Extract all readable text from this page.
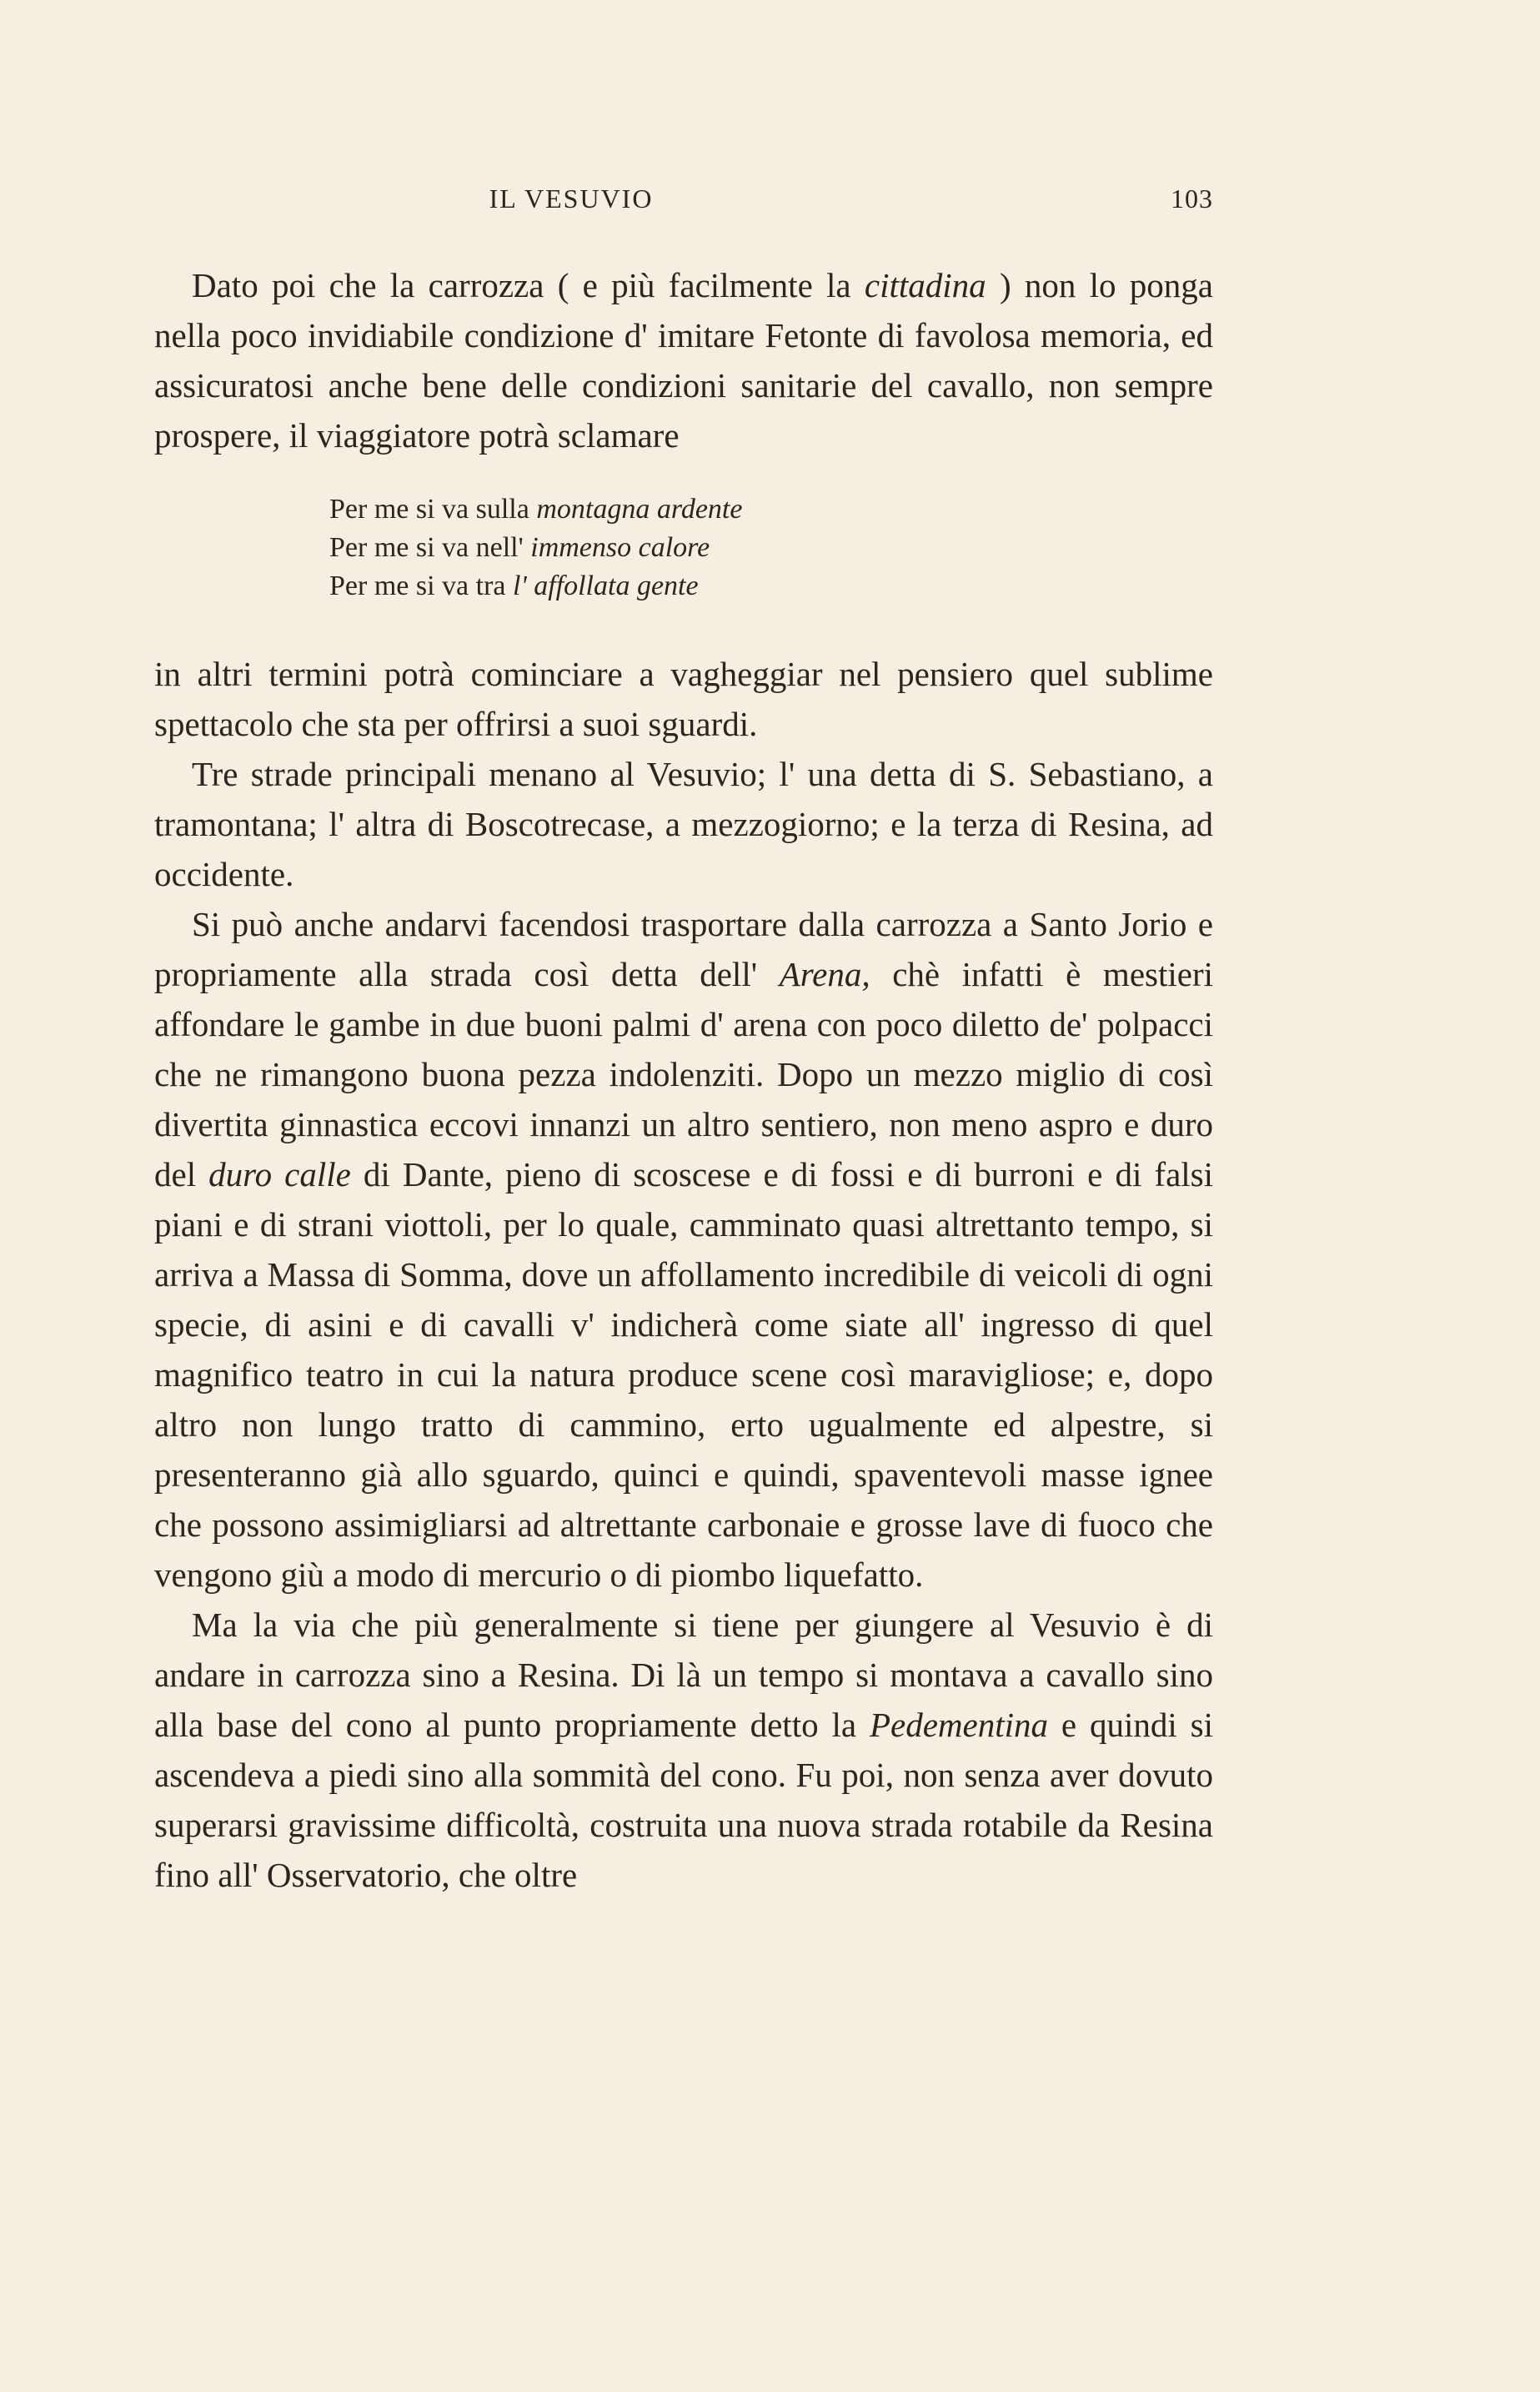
IL VESUVIO	103

Dato poi che la carrozza ( e più facilmente la cittadina ) non lo ponga nella poco invidiabile condizione d' imitare Fetonte di favolosa memoria, ed assicuratosi anche bene delle condizioni sanitarie del cavallo, non sempre prospere, il viaggiatore potrà sclamare

Per me si va sulla montagna ardente
Per me si va nell' immenso calore
Per me si va tra l' affollata gente

in altri termini potrà cominciare a vagheggiar nel pensiero quel sublime spettacolo che sta per offrirsi a suoi sguardi.

Tre strade principali menano al Vesuvio; l' una detta di S. Sebastiano, a tramontana; l' altra di Boscotrecase, a mezzogiorno; e la terza di Resina, ad occidente.

Si può anche andarvi facendosi trasportare dalla carrozza a Santo Jorio e propriamente alla strada così detta dell' Arena, chè infatti è mestieri affondare le gambe in due buoni palmi d' arena con poco diletto de' polpacci che ne rimangono buona pezza indolenziti. Dopo un mezzo miglio di così divertita ginnastica eccovi innanzi un altro sentiero, non meno aspro e duro del duro calle di Dante, pieno di scoscese e di fossi e di burroni e di falsi piani e di strani viottoli, per lo quale, camminato quasi altrettanto tempo, si arriva a Massa di Somma, dove un affollamento incredibile di veicoli di ogni specie, di asini e di cavalli v' indicherà come siate all' ingresso di quel magnifico teatro in cui la natura produce scene così maravigliose; e, dopo altro non lungo tratto di cammino, erto ugualmente ed alpestre, si presenteranno già allo sguardo, quinci e quindi, spaventevoli masse ignee che possono assimigliarsi ad altrettante carbonaie e grosse lave di fuoco che vengono giù a modo di mercurio o di piombo liquefatto.

Ma la via che più generalmente si tiene per giungere al Vesuvio è di andare in carrozza sino a Resina. Di là un tempo si montava a cavallo sino alla base del cono al punto propriamente detto la Pedementina e quindi si ascendeva a piedi sino alla sommità del cono. Fu poi, non senza aver dovuto superarsi gravissime difficoltà, costruita una nuova strada rotabile da Resina fino all' Osservatorio, che oltre
